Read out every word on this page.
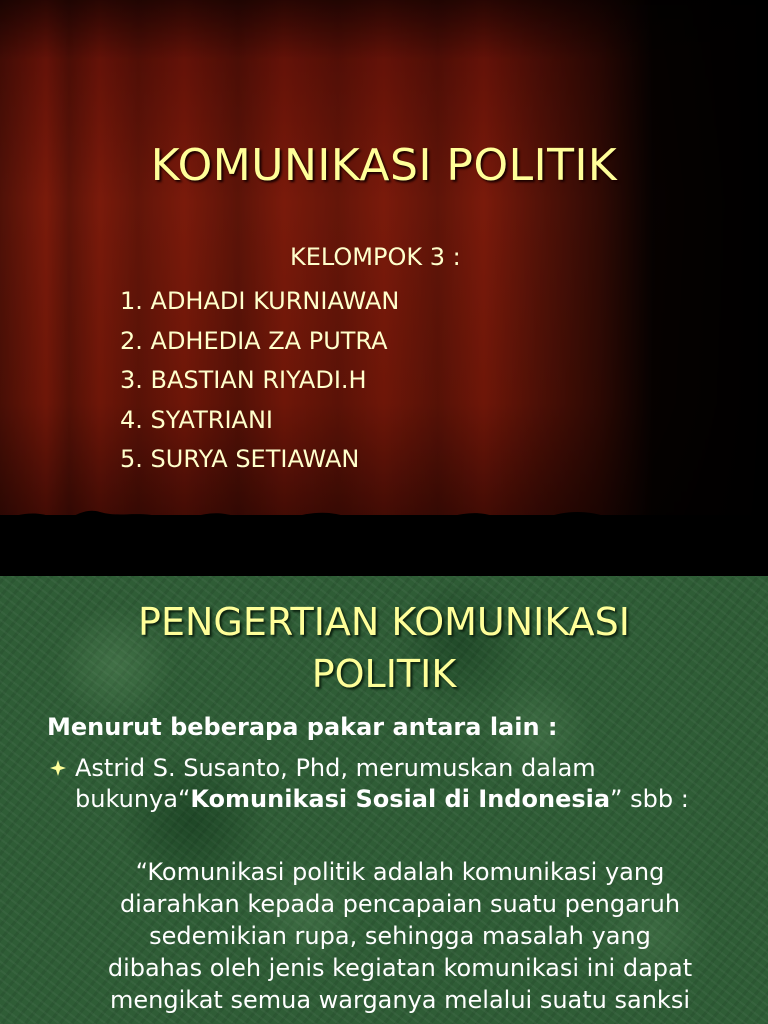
KOMUNIKASI POLITIK
KELOMPOK 3 :
1. ADHADI KURNIAWAN
2. ADHEDIA ZA PUTRA
3. BASTIAN RIYADI.H
4. SYATRIANI
5. SURYA SETIAWAN
PENGERTIAN KOMUNIKASI
POLITIK
Menurut beberapa pakar antara lain :
Astrid S. Susanto, Phd, merumuskan dalam bukunya“Komunikasi Sosial di Indonesia” sbb :
“Komunikasi politik adalah komunikasi yang
diarahkan kepada pencapaian suatu pengaruh
sedemikian rupa, sehingga masalah yang
dibahas oleh jenis kegiatan komunikasi ini dapat
mengikat semua warganya melalui suatu sanksi
